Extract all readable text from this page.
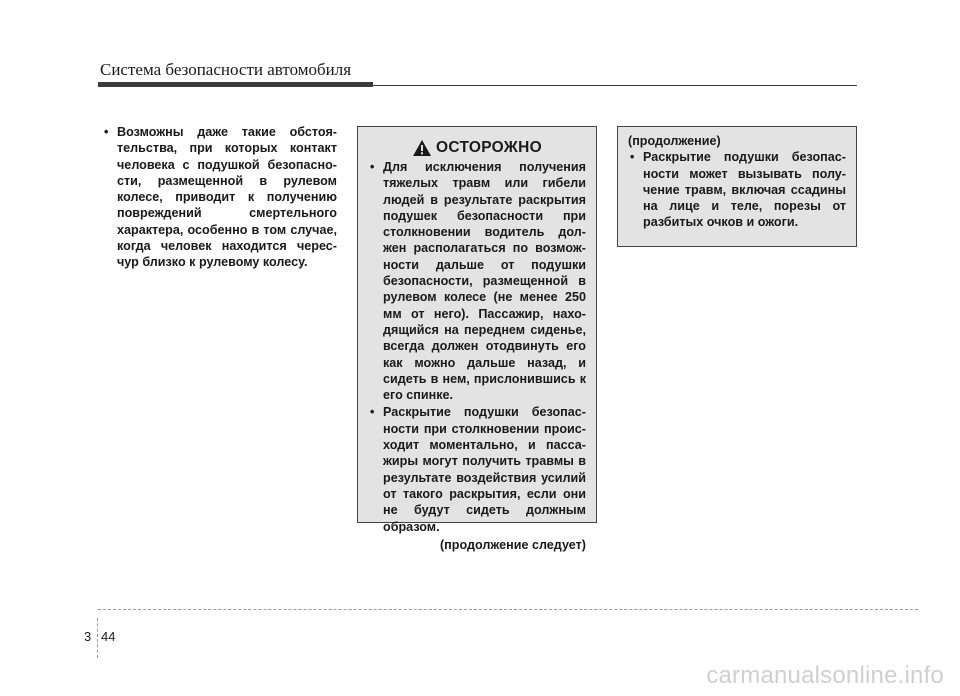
Система безопасности автомобиля
• Возможны даже такие обстоя- тельства, при которых контакт человека с подушкой безопасно- сти, размещенной в рулевом колесе, приводит к получению повреждений смертельного характера, особенно в том случае, когда человек находится черес- чур близко к рулевому колесу.
ОСТОРОЖНО
• Для исключения получения тяжелых травм или гибели людей в результате раскрытия подушек безопасности при столкновении водитель дол- жен располагаться по возмож- ности дальше от подушки безопасности, размещенной в рулевом колесе (не менее 250 мм от него). Пассажир, нахо- дящийся на переднем сиденье, всегда должен отодвинуть его как можно дальше назад, и сидеть в нем, прислонившись к его спинке.
• Раскрытие подушки безопас- ности при столкновении проис- ходит моментально, и пасса- жиры могут получить травмы в результате воздействия усилий от такого раскрытия, если они не будут сидеть должным образом.
(продолжение следует)
(продолжение)
• Раскрытие подушки безопас- ности может вызывать полу- чение травм, включая ссадины на лице и теле, порезы от разбитых очков и ожоги.
3 44
carmanualsonline.info
